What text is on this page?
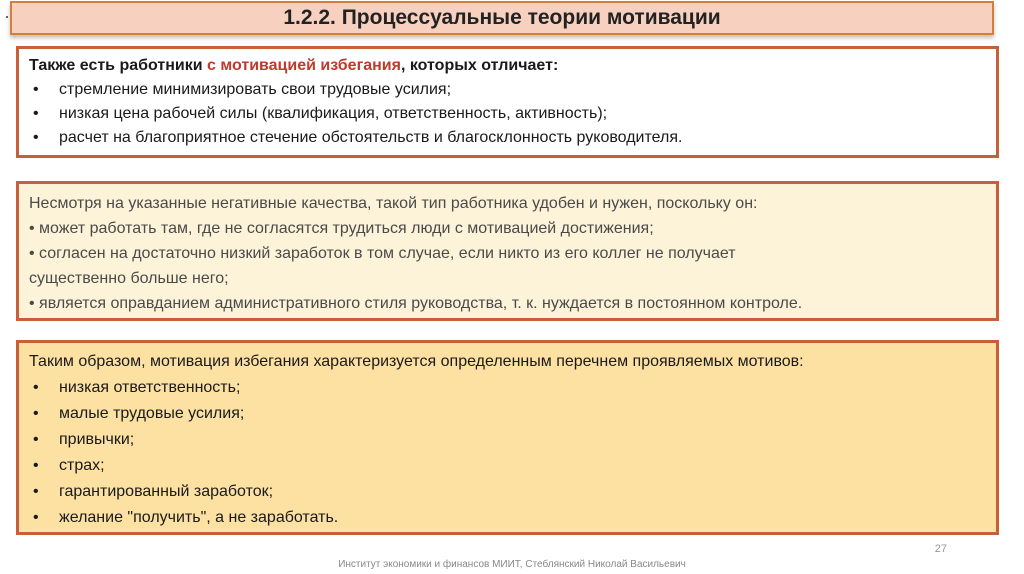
1.2.2. Процессуальные теории мотивации
Также есть работники с мотивацией избегания, которых отличает:
• стремление минимизировать свои трудовые усилия;
• низкая цена рабочей силы (квалификация, ответственность, активность);
• расчет на благоприятное стечение обстоятельств и благосклонность руководителя.
Несмотря на указанные негативные качества, такой тип работника удобен и нужен, поскольку он:
• может работать там, где не согласятся трудиться люди с мотивацией достижения;
• согласен на достаточно низкий заработок в том случае, если никто из его коллег не получает
существенно больше него;
• является оправданием административного стиля руководства, т. к. нуждается в постоянном контроле.
Таким образом, мотивация избегания характеризуется определенным перечнем проявляемых мотивов:
• низкая ответственность;
• малые трудовые усилия;
• привычки;
• страх;
• гарантированный заработок;
• желание "получить", а не заработать.
27
Институт экономики и финансов МИИТ, Стеблянский Николай Васильевич
